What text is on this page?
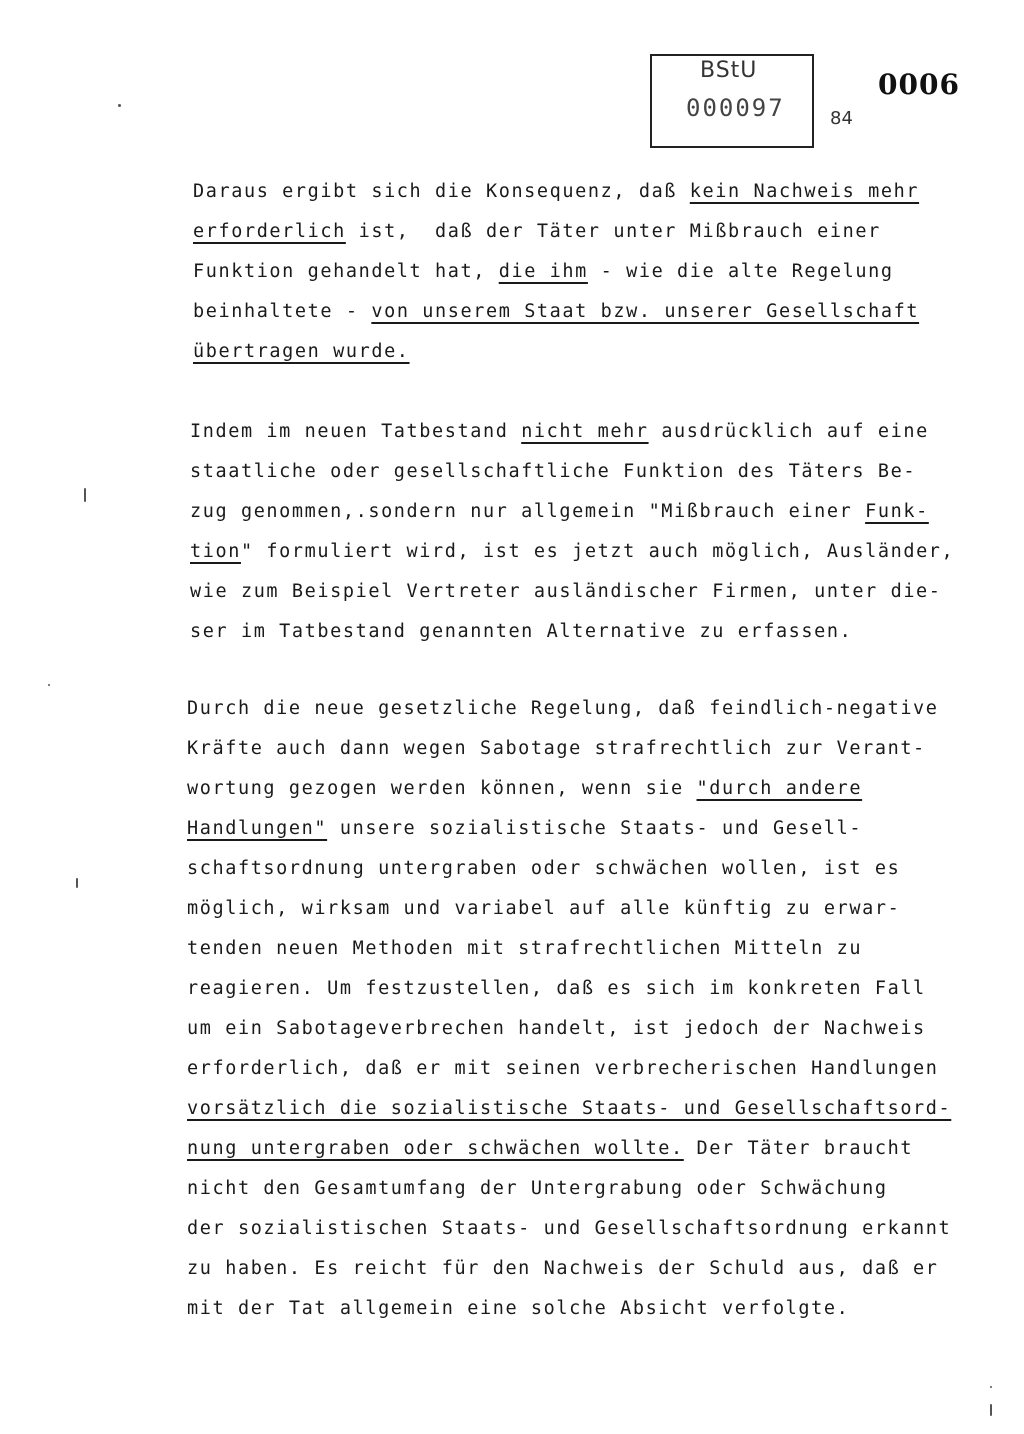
BStU
000097	84
0006
Daraus ergibt sich die Konsequenz, daß kein Nachweis mehr
erforderlich ist,  daß der Täter unter Mißbrauch einer
Funktion gehandelt hat, die ihm - wie die alte Regelung
beinhaltete - von unserem Staat bzw. unserer Gesellschaft
übertragen wurde.
Indem im neuen Tatbestand nicht mehr ausdrücklich auf eine
staatliche oder gesellschaftliche Funktion des Täters Be-
zug genommen,.sondern nur allgemein "Mißbrauch einer Funk-
tion" formuliert wird, ist es jetzt auch möglich, Ausländer,
wie zum Beispiel Vertreter ausländischer Firmen, unter die-
ser im Tatbestand genannten Alternative zu erfassen.
Durch die neue gesetzliche Regelung, daß feindlich-negative
Kräfte auch dann wegen Sabotage strafrechtlich zur Verant-
wortung gezogen werden können, wenn sie "durch andere
Handlungen" unsere sozialistische Staats- und Gesell-
schaftsordnung untergraben oder schwächen wollen, ist es
möglich, wirksam und variabel auf alle künftig zu erwar-
tenden neuen Methoden mit strafrechtlichen Mitteln zu
reagieren. Um festzustellen, daß es sich im konkreten Fall
um ein Sabotageverbrechen handelt, ist jedoch der Nachweis
erforderlich, daß er mit seinen verbrecherischen Handlungen
vorsätzlich die sozialistische Staats- und Gesellschaftsord-
nung untergraben oder schwächen wollte. Der Täter braucht
nicht den Gesamtumfang der Untergrabung oder Schwächung
der sozialistischen Staats- und Gesellschaftsordnung erkannt
zu haben. Es reicht für den Nachweis der Schuld aus, daß er
mit der Tat allgemein eine solche Absicht verfolgte.
